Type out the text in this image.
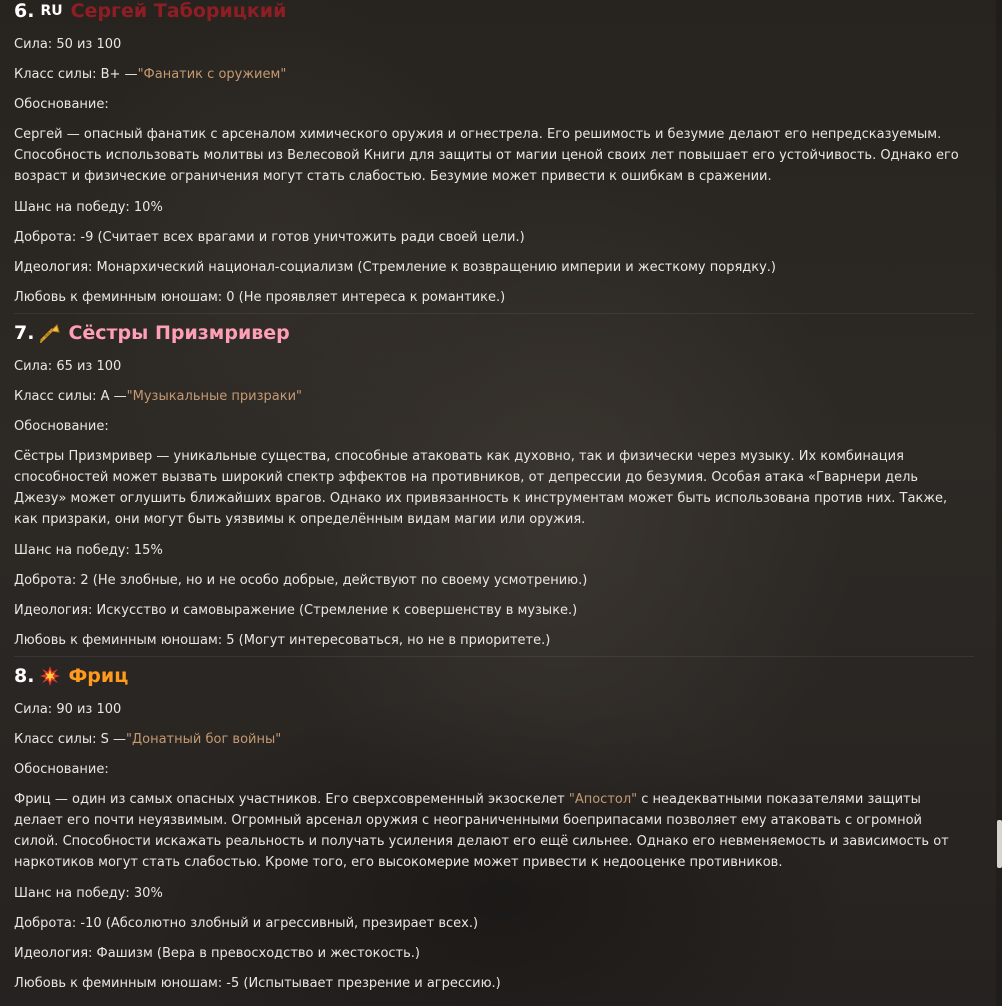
6. RU Сергей Таборицкий
Сила: 50 из 100
Класс силы: B+ — "Фанатик с оружием"
Обоснование:
Сергей — опасный фанатик с арсеналом химического оружия и огнестрела. Его решимость и безумие делают его непредсказуемым. Способность использовать молитвы из Велесовой Книги для защиты от магии ценой своих лет повышает его устойчивость. Однако его возраст и физические ограничения могут стать слабостью. Безумие может привести к ошибкам в сражении.
Шанс на победу: 10%
Доброта: -9 (Считает всех врагами и готов уничтожить ради своей цели.)
Идеология: Монархический национал-социализм (Стремление к возвращению империи и жесткому порядку.)
Любовь к феминным юношам: 0 (Не проявляет интереса к романтике.)
7. Сёстры Призмривер
Сила: 65 из 100
Класс силы: A — "Музыкальные призраки"
Обоснование:
Сёстры Призмривер — уникальные существа, способные атаковать как духовно, так и физически через музыку. Их комбинация способностей может вызвать широкий спектр эффектов на противников, от депрессии до безумия. Особая атака «Гварнери дель Джезу» может оглушить ближайших врагов. Однако их привязанность к инструментам может быть использована против них. Также, как призраки, они могут быть уязвимы к определённым видам магии или оружия.
Шанс на победу: 15%
Доброта: 2 (Не злобные, но и не особо добрые, действуют по своему усмотрению.)
Идеология: Искусство и самовыражение (Стремление к совершенству в музыке.)
Любовь к феминным юношам: 5 (Могут интересоваться, но не в приоритете.)
8. Фриц
Сила: 90 из 100
Класс силы: S — "Донатный бог войны"
Обоснование:
Фриц — один из самых опасных участников. Его сверхсовременный экзоскелет "Апостол" с неадекватными показателями защиты делает его почти неуязвимым. Огромный арсенал оружия с неограниченными боеприпасами позволяет ему атаковать с огромной силой. Способности искажать реальность и получать усиления делают его ещё сильнее. Однако его невменяемость и зависимость от наркотиков могут стать слабостью. Кроме того, его высокомерие может привести к недооценке противников.
Шанс на победу: 30%
Доброта: -10 (Абсолютно злобный и агрессивный, презирает всех.)
Идеология: Фашизм (Вера в превосходство и жестокость.)
Любовь к феминным юношам: -5 (Испытывает презрение и агрессию.)
